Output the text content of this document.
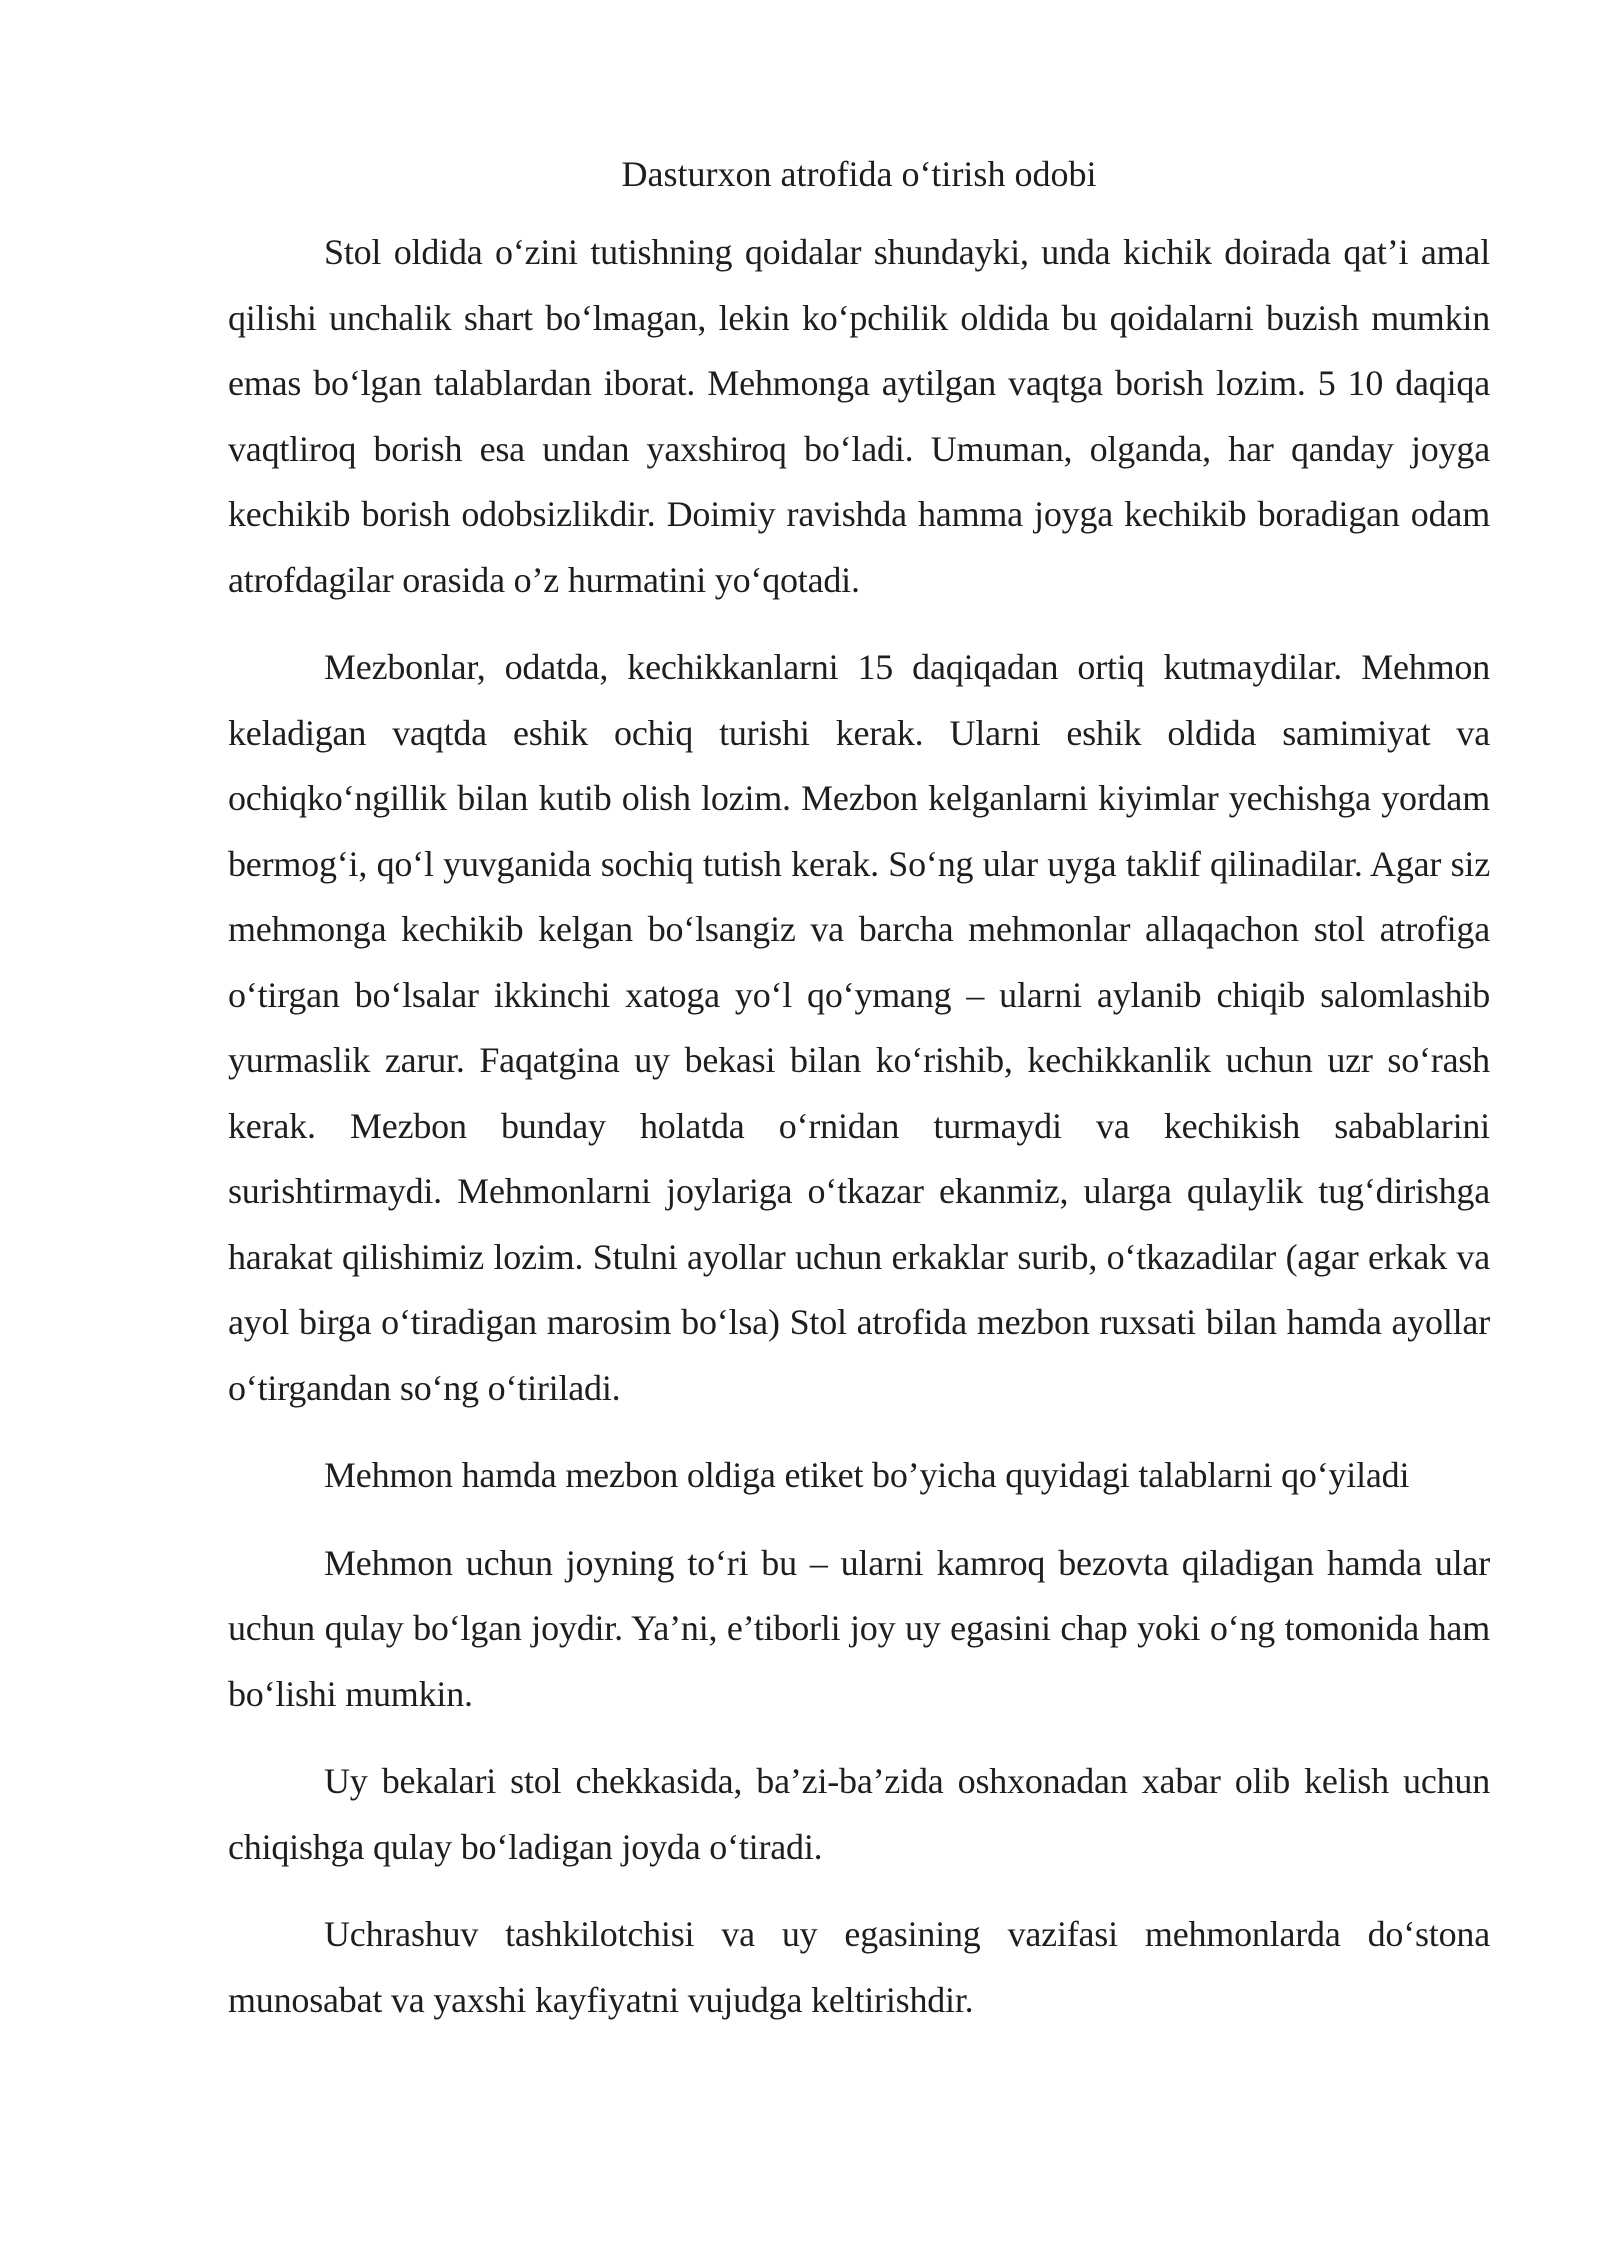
Dasturxon atrofida o‘tirish odobi

Stol oldida o‘zini tutishning qoidalar shundayki, unda kichik doirada qat’i amal qilishi unchalik shart bo‘lmagan, lekin ko‘pchilik oldida bu qoidalarni buzish mumkin emas bo‘lgan talablardan iborat. Mehmonga aytilgan vaqtga borish lozim. 5 10 daqiqa vaqtliroq borish esa undan yaxshiroq bo‘ladi. Umuman, olganda, har qanday joyga kechikib borish odobsizlikdir. Doimiy ravishda hamma joyga kechikib boradigan odam atrofdagilar orasida o’z hurmatini yo‘qotadi.

Mezbonlar, odatda, kechikkanlarni 15 daqiqadan ortiq kutmaydilar. Mehmon keladigan vaqtda eshik ochiq turishi kerak. Ularni eshik oldida samimiyat va ochiqko‘ngillik bilan kutib olish lozim. Mezbon kelganlarni kiyimlar yechishga yordam bermog‘i, qo‘l yuvganida sochiq tutish kerak. So‘ng ular uyga taklif qilinadilar. Agar siz mehmonga kechikib kelgan bo‘lsangiz va barcha mehmonlar allaqachon stol atrofiga o‘tirgan bo‘lsalar ikkinchi xatoga yo‘l qo‘ymang – ularni aylanib chiqib salomlashib yurmaslik zarur. Faqatgina uy bekasi bilan ko‘rishib, kechikkanlik uchun uzr so‘rash kerak. Mezbon bunday holatda o‘rnidan turmaydi va kechikish sabablarini surishtirmaydi. Mehmonlarni joylariga o‘tkazar ekanmiz, ularga qulaylik tug‘dirishga harakat qilishimiz lozim. Stulni ayollar uchun erkaklar surib, o‘tkazadilar (agar erkak va ayol birga o‘tiradigan marosim bo‘lsa) Stol atrofida mezbon ruxsati bilan hamda ayollar o‘tirgandan so‘ng o‘tiriladi.

Mehmon hamda mezbon oldiga etiket bo’yicha quyidagi talablarni qo‘yiladi

Mehmon uchun joyning to‘ri bu – ularni kamroq bezovta qiladigan hamda ular uchun qulay bo‘lgan joydir. Ya’ni, e’tiborli joy uy egasini chap yoki o‘ng tomonida ham bo‘lishi mumkin.

Uy bekalari stol chekkasida, ba’zi-ba’zida oshxonadan xabar olib kelish uchun chiqishga qulay bo‘ladigan joyda o‘tiradi.

Uchrashuv tashkilotchisi va uy egasining vazifasi mehmonlarda do‘stona munosabat va yaxshi kayfiyatni vujudga keltirishdir.
